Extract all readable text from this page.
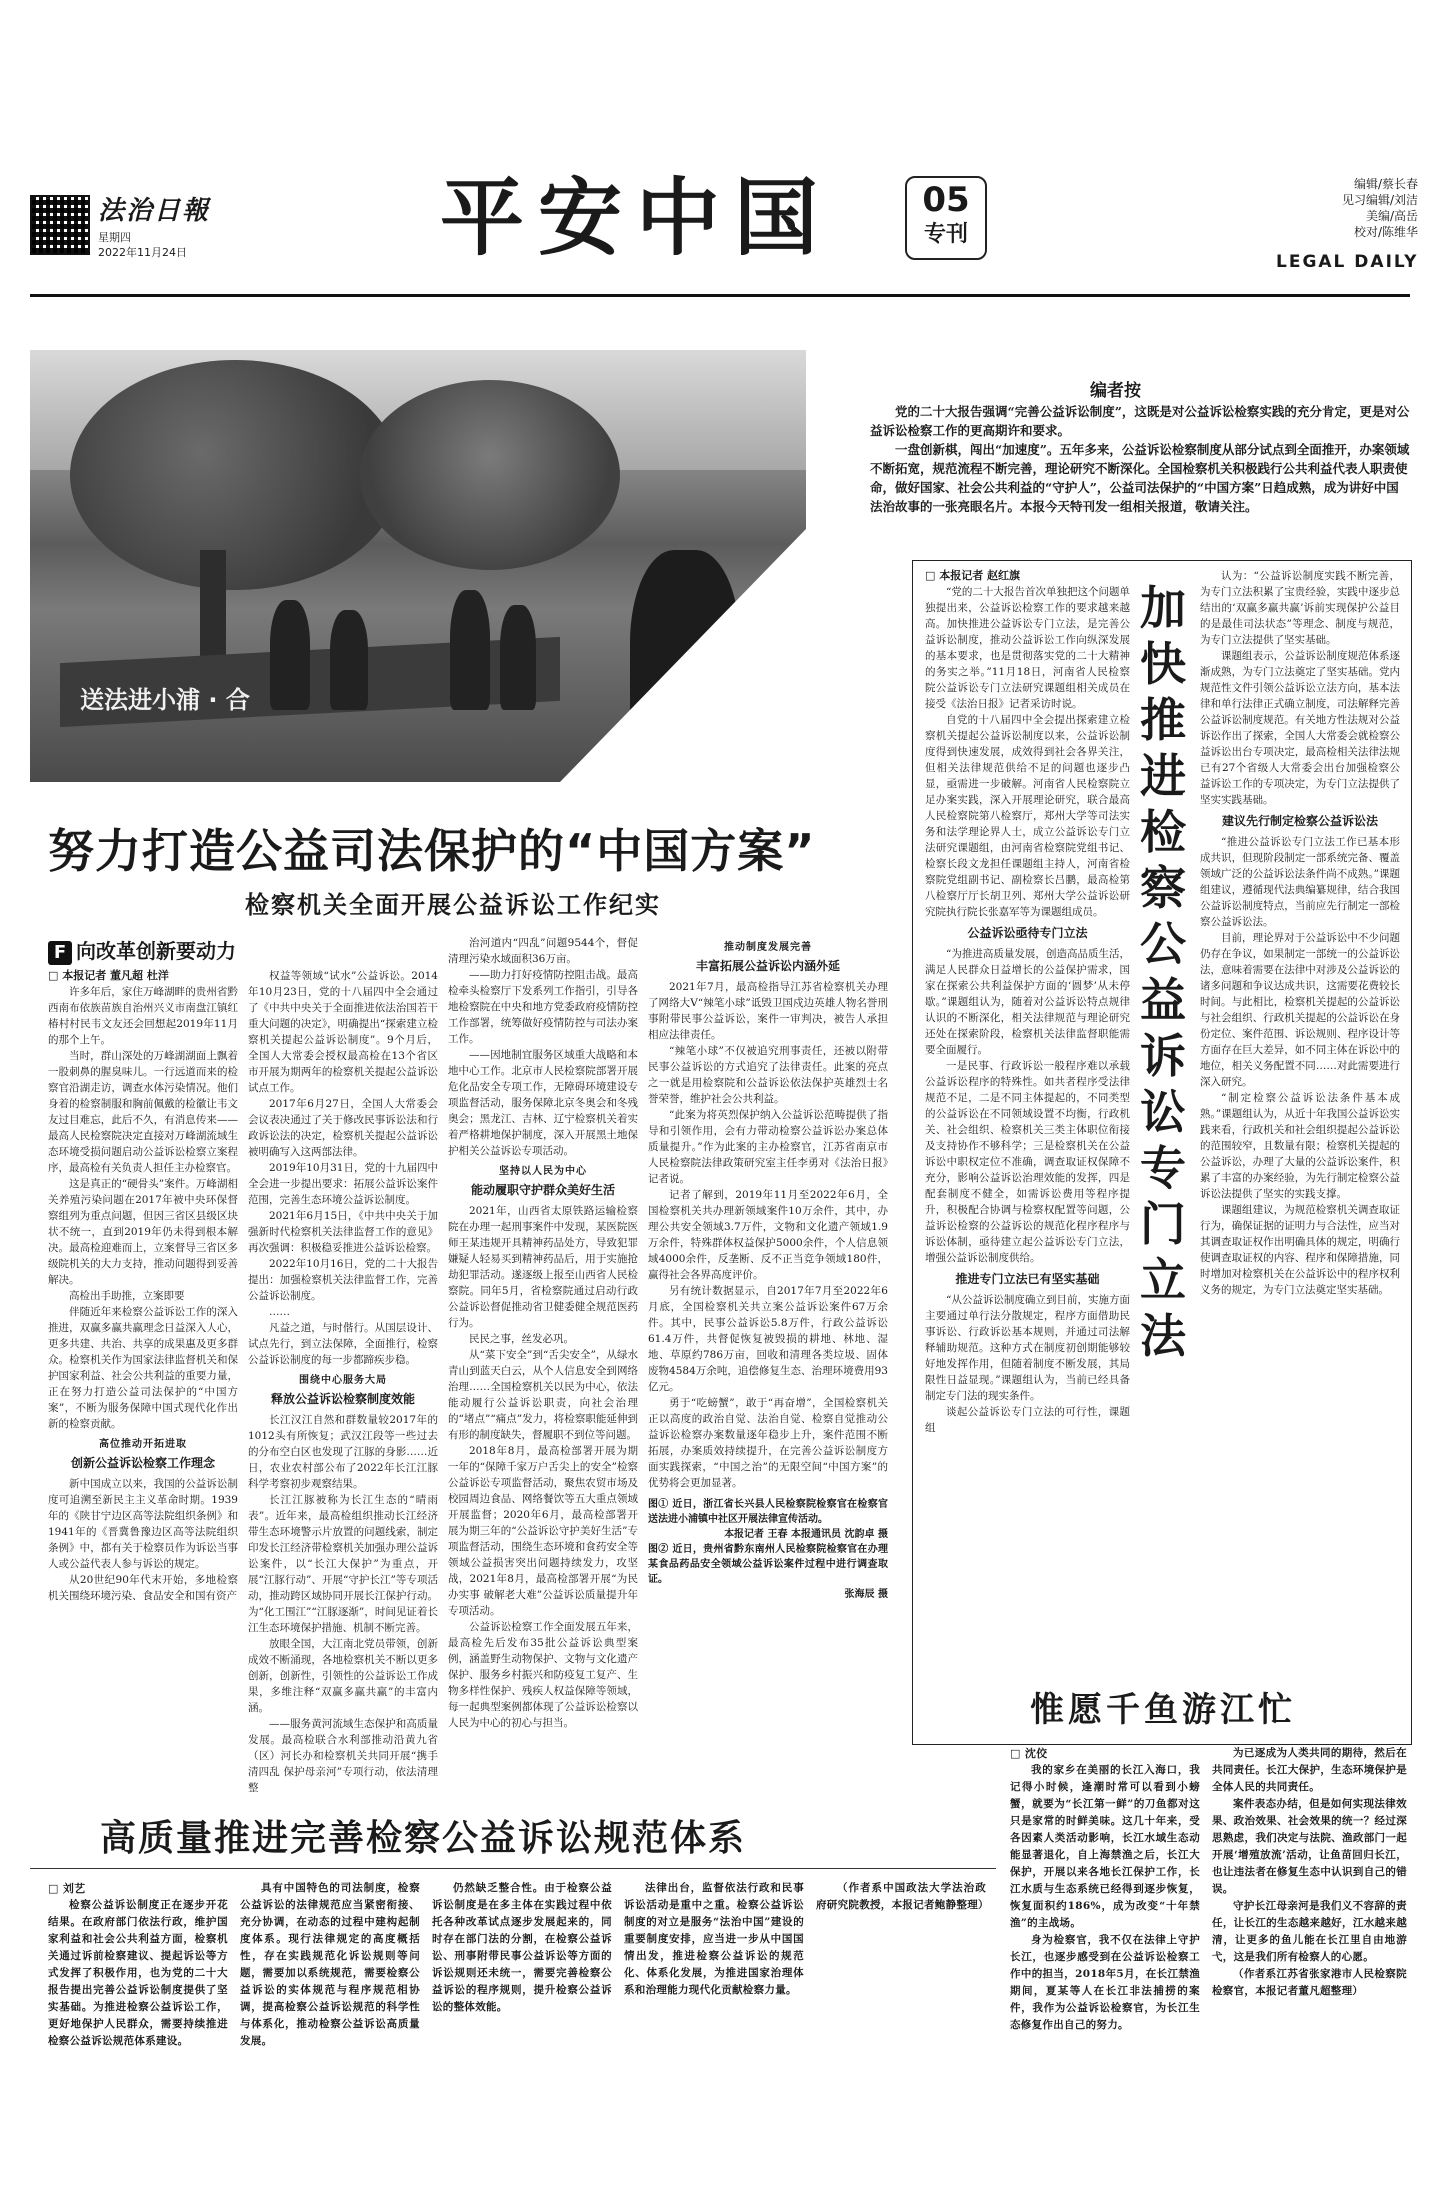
法治日報
星期四
2022年11月24日	平安中国	05
专刊
编辑/蔡长春
见习编辑/刘洁
美编/高岳
校对/陈维华
LEGAL DAILY
送法进小浦 · 合
编者按
党的二十大报告强调“完善公益诉讼制度”，这既是对公益诉讼检察实践的充分肯定，更是对公益诉讼检察工作的更高期许和要求。
一盘创新棋，闯出“加速度”。五年多来，公益诉讼检察制度从部分试点到全面推开，办案领域不断拓宽，规范流程不断完善，理论研究不断深化。全国检察机关积极践行公共利益代表人职责使命，做好国家、社会公共利益的“守护人”，公益司法保护的“中国方案”日趋成熟，成为讲好中国法治故事的一张亮眼名片。本报今天特刊发一组相关报道，敬请关注。
努力打造公益司法保护的“中国方案”
检察机关全面开展公益诉讼工作纪实
F 向改革创新要动力
□ 本报记者 董凡超 杜洋

许多年后，家住万峰湖畔的贵州省黔西南布依族苗族自治州兴义市南盘江镇红椿村村民韦文友还会回想起2019年11月的那个上午。

当时，群山深处的万峰湖湖面上飘着一股刺鼻的腥臭味儿。一行远道而来的检察官沿湖走访，调查水体污染情况。他们身着的检察制服和胸前佩戴的检徽让韦文友过目难忘，此后不久，有消息传来——最高人民检察院决定直接对万峰湖流域生态环境受损问题启动公益诉讼检察立案程序，最高检有关负责人担任主办检察官。

这是真正的“硬骨头”案件。万峰湖相关养殖污染问题在2017年被中央环保督察组列为重点问题，但因三省区县级区块状不统一，直到2019年仍未得到根本解决。最高检迎难而上，立案督导三省区多级院机关的大力支持，推动问题得到妥善解决。

高检出手助推，立案即要

伴随近年来检察公益诉讼工作的深入推进，双赢多赢共赢理念日益深入人心，更多共建、共治、共享的成果惠及更多群众。检察机关作为国家法律监督机关和保护国家利益、社会公共利益的重要力量，正在努力打造公益司法保护的“中国方案”，不断为服务保障中国式现代化作出新的检察贡献。

高位推动开拓进取
创新公益诉讼检察工作理念

新中国成立以来，我国的公益诉讼制度可追溯至新民主主义革命时期。1939年的《陕甘宁边区高等法院组织条例》和1941年的《晋冀鲁豫边区高等法院组织条例》中，都有关于检察员作为诉讼当事人或公益代表人参与诉讼的规定。

从20世纪90年代末开始，多地检察机关围绕环境污染、食品安全和国有资产

权益等领域“试水”公益诉讼。2014年10月23日，党的十八届四中全会通过了《中共中央关于全面推进依法治国若干重大问题的决定》，明确提出“探索建立检察机关提起公益诉讼制度”。9个月后，全国人大常委会授权最高检在13个省区市开展为期两年的检察机关提起公益诉讼试点工作。

2017年6月27日，全国人大常委会会议表决通过了关于修改民事诉讼法和行政诉讼法的决定，检察机关提起公益诉讼被明确写入这两部法律。

2019年10月31日，党的十九届四中全会进一步提出要求：拓展公益诉讼案件范围，完善生态环境公益诉讼制度。

2021年6月15日，《中共中央关于加强新时代检察机关法律监督工作的意见》再次强调：积极稳妥推进公益诉讼检察。

2022年10月16日，党的二十大报告提出：加强检察机关法律监督工作，完善公益诉讼制度。

……

凡益之道，与时偕行。从国层设计、试点先行，到立法保障，全面推行，检察公益诉讼制度的每一步都蹄疾步稳。

围绕中心服务大局
释放公益诉讼检察制度效能

长江汉江自然和群数量较2017年的1012头有所恢复；武汉江段等一些过去的分布空白区也发现了江豚的身影……近日，农业农村部公布了2022年长江江豚科学考察初步观察结果。

长江江豚被称为长江生态的“晴雨表”。近年来，最高检组织推动长江经济带生态环境警示片放置的问题线索，制定印发长江经济带检察机关加强办理公益诉讼案件，以“长江大保护”为重点，开展“江豚行动”、开展“守护长江”等专项活动，推动跨区域协同开展长江保护行动。为“化工围江”“江豚逐渐”，时间见证着长江生态环境保护措施、机制不断完善。

放眼全国，大江南北党员带领，创新成效不断涌现，各地检察机关不断以更多创新，创新性，引领性的公益诉讼工作成果，多维注释“双赢多赢共赢”的丰富内涵。

——服务黄河流域生态保护和高质量发展。最高检联合水利部推动沿黄九省（区）河长办和检察机关共同开展“携手清四乱 保护母亲河”专项行动，依法清理整

治河道内“四乱”问题9544个，督促清理污染水域面积36万亩。

——助力打好疫情防控阻击战。最高检牵头检察厅下发系列工作指引，引导各地检察院在中央和地方党委政府疫情防控工作部署，统筹做好疫情防控与司法办案工作。

——因地制宜服务区域重大战略和本地中心工作。北京市人民检察院部署开展危化品安全专项工作，无障碍环境建设专项监督活动，服务保障北京冬奥会和冬残奥会；黑龙江、吉林、辽宁检察机关着实着严格耕地保护制度，深入开展黑土地保护相关公益诉讼专项活动。

坚持以人民为中心
能动履职守护群众美好生活

2021年，山西省太原铁路运输检察院在办理一起刑事案件中发现，某医院医师王某违规开具精神药品处方，导致犯罪嫌疑人轻易买到精神药品后，用于实施抢劫犯罪活动。遂逐级上报至山西省人民检察院。同年5月，省检察院通过启动行政公益诉讼督促推动省卫健委健全规范医药行为。

民民之事，丝发必巩。

从“菜下安全”到“舌尖安全”，从绿水青山到蓝天白云，从个人信息安全到网络治理……全国检察机关以民为中心，依法能动履行公益诉讼职责，向社会治理的“堵点”“痛点”发力，将检察职能延伸到有形的制度缺失，督履职不到位等问题。

2018年8月，最高检部署开展为期一年的“保障千家万户舌尖上的安全”检察公益诉讼专项监督活动，聚焦农贸市场及校园周边食品、网络餐饮等五大重点领域开展监督；2020年6月，最高检部署开展为期三年的“公益诉讼守护美好生活”专项监督活动，围绕生态环境和食药安全等领域公益损害突出问题持续发力，攻坚战，2021年8月，最高检部署开展“为民办实事 破解老大难”公益诉讼质量提升年专项活动。

公益诉讼检察工作全面发展五年来，最高检先后发布35批公益诉讼典型案例，涵盖野生动物保护、文物与文化遗产保护、服务乡村振兴和防疫复工复产、生物多样性保护、残疾人权益保障等领域，每一起典型案例都体现了公益诉讼检察以人民为中心的初心与担当。

推动制度发展完善
丰富拓展公益诉讼内涵外延

2021年7月，最高检指导江苏省检察机关办理了网络大V“辣笔小球”诋毁卫国戍边英雄人物名誉刑事附带民事公益诉讼，案件一审判决，被告人承担相应法律责任。

“辣笔小球”不仅被追究刑事责任，还被以附带民事公益诉讼的方式追究了法律责任。此案的亮点之一就是用检察院和公益诉讼依法保护英雄烈士名誉荣誉，维护社会公共利益。

“此案为将英烈保护纳入公益诉讼范畴提供了指导和引领作用，会有力带动检察公益诉讼办案总体质量提升。”作为此案的主办检察官，江苏省南京市人民检察院法律政策研究室主任李勇对《法治日报》记者说。

记者了解到，2019年11月至2022年6月，全国检察机关共办理新领域案件10万余件，其中，办理公共安全领域3.7万件，文物和文化遗产领域1.9万余件，特殊群体权益保护5000余件，个人信息领域4000余件，反垄断、反不正当竞争领域180件，赢得社会各界高度评价。

另有统计数据显示，自2017年7月至2022年6月底，全国检察机关共立案公益诉讼案件67万余件。其中，民事公益诉讼5.8万件，行政公益诉讼61.4万件，共督促恢复被毁损的耕地、林地、湿地、草原约786万亩，回收和清理各类垃圾、固体废物4584万余吨，追偿修复生态、治理环境费用93亿元。

勇于“吃螃蟹”，敢于“再奋增”，全国检察机关正以高度的政治自觉、法治自觉、检察自觉推动公益诉讼检察办案数量逐年稳步上升，案件范围不断拓展，办案质效持续提升，在完善公益诉讼制度方面实践探索，“中国之治”的无限空间“中国方案”的优势将会更加显著。

图① 近日，浙江省长兴县人民检察院检察官在检察官送法进小浦镇中社区开展法律宣传活动。
本报记者 王春 本报通讯员 沈韵卓 摄
图② 近日，贵州省黔东南州人民检察院检察官在办理某食品药品安全领域公益诉讼案件过程中进行调查取证。
张海辰 摄
加快推进检察公益诉讼专门立法
□ 本报记者 赵红旗

“党的二十大报告首次单独把这个问题单独提出来，公益诉讼检察工作的要求越来越高。加快推进公益诉讼专门立法，是完善公益诉讼制度，推动公益诉讼工作向纵深发展的基本要求，也是贯彻落实党的二十大精神的务实之举。”11月18日，河南省人民检察院公益诉讼专门立法研究课题组相关成员在接受《法治日报》记者采访时说。

自党的十八届四中全会提出探索建立检察机关提起公益诉讼制度以来，公益诉讼制度得到快速发展，成效得到社会各界关注，但相关法律规范供给不足的问题也逐步凸显，亟需进一步破解。河南省人民检察院立足办案实践，深入开展理论研究，联合最高人民检察院第八检察厅，郑州大学等司法实务和法学理论界人士，成立公益诉讼专门立法研究课题组，由河南省检察院党组书记、检察长段文龙担任课题组主持人，河南省检察院党组副书记、副检察长吕鹏，最高检第八检察厅厅长胡卫列、郑州大学公益诉讼研究院执行院长张嘉军等为课题组成员。

公益诉讼亟待专门立法

“为推进高质量发展，创造高品质生活，满足人民群众日益增长的公益保护需求，国家在探索公共利益保护方面的‘圆梦’从未停歇。”课题组认为，随着对公益诉讼特点规律认识的不断深化，相关法律规范与理论研究还处在探索阶段，检察机关法律监督职能需要全面履行。

一是民事、行政诉讼一般程序难以承载公益诉讼程序的特殊性。如共者程序受法律规范不足，二是不同主体提起的，不同类型的公益诉讼在不同领域设置不均衡，行政机关、社会组织、检察机关三类主体职位衔接及支持协作不够科学；三是检察机关在公益诉讼中职权定位不准确，调查取证权保障不充分，影响公益诉讼治理效能的发挥，四是配套制度不健全，如需诉讼费用等程序提升，积极配合协调与检察权配置等问题，公益诉讼检察的公益诉讼的规范化程序程序与诉讼体制，亟待建立起公益诉讼专门立法，增强公益诉讼制度供给。

推进专门立法已有坚实基础

“从公益诉讼制度确立到目前，实施方面主要通过单行法分散规定，程序方面借助民事诉讼、行政诉讼基本规则，并通过司法解释辅助规范。这种方式在制度初创期能够较好地发挥作用，但随着制度不断发展，其局限性日益显现。”课题组认为，当前已经具备制定专门法的现实条件。

谈起公益诉讼专门立法的可行性，课题组

认为：“公益诉讼制度实践不断完善，为专门立法积累了宝贵经验，实践中逐步总结出的‘双赢多赢共赢’诉前实现保护公益目的是最佳司法状态”等理念、制度与规范，为专门立法提供了坚实基础。

课题组表示，公益诉讼制度规范体系逐渐成熟，为专门立法奠定了坚实基础。党内规范性文件引领公益诉讼立法方向，基本法律和单行法律正式确立制度，司法解释完善公益诉讼制度规范。有关地方性法规对公益诉讼作出了探索，全国人大常委会就检察公益诉讼出台专项决定，最高检相关法律法规已有27个省级人大常委会出台加强检察公益诉讼工作的专项决定，为专门立法提供了坚实实践基础。

建议先行制定检察公益诉讼法

“推进公益诉讼专门立法工作已基本形成共识，但现阶段制定一部系统完备、覆盖领域广泛的公益诉讼法条件尚不成熟。”课题组建议，遵循现代法典编纂规律，结合我国公益诉讼制度特点，当前应先行制定一部检察公益诉讼法。

目前，理论界对于公益诉讼中不少问题仍存在争议，如果制定一部统一的公益诉讼法，意味着需要在法律中对涉及公益诉讼的诸多问题和争议达成共识，这需要花费较长时间。与此相比，检察机关提起的公益诉讼与社会组织、行政机关提起的公益诉讼在身份定位、案件范围、诉讼规则、程序设计等方面存在巨大差异，如不同主体在诉讼中的地位，相关义务配置不同……对此需要进行深入研究。

“制定检察公益诉讼法条件基本成熟。”课题组认为，从近十年我国公益诉讼实践来看，行政机关和社会组织提起公益诉讼的范围较窄，且数量有限；检察机关提起的公益诉讼，办理了大量的公益诉讼案件，积累了丰富的办案经验，为先行制定检察公益诉讼法提供了坚实的实践支撑。

课题组建议，为规范检察机关调查取证行为，确保证据的证明力与合法性，应当对其调查取证权作出明确具体的规定，明确行使调查取证权的内容、程序和保障措施，同时增加对检察机关在公益诉讼中的程序权利义务的规定，为专门立法奠定坚实基础。

高质量推进完善检察公益诉讼规范体系
□ 刘艺

检察公益诉讼制度正在逐步开花结果。在政府部门依法行政，维护国家利益和社会公共利益方面，检察机关通过诉前检察建议、提起诉讼等方式发挥了积极作用，也为党的二十大报告提出完善公益诉讼制度提供了坚实基础。为推进检察公益诉讼工作，更好地保护人民群众，需要持续推进检察公益诉讼规范体系建设。

具有中国特色的司法制度，检察公益诉讼的法律规范应当紧密衔接、充分协调，在动态的过程中建构起制度体系。现行法律规定的高度概括性，存在实践规范化诉讼规则等问题，需要加以系统规范，需要检察公益诉讼的实体规范与程序规范相协调，提高检察公益诉讼规范的科学性与体系化，推动检察公益诉讼高质量发展。

仍然缺乏整合性。由于检察公益诉讼制度是在多主体在实践过程中依托各种改革试点逐步发展起来的，同时存在部门法的分割，在检察公益诉讼、刑事附带民事公益诉讼等方面的诉讼规则还未统一，需要完善检察公益诉讼的程序规则，提升检察公益诉讼的整体效能。

法律出台，监督依法行政和民事诉讼活动是重中之重。检察公益诉讼制度的对立是服务“法治中国”建设的重要制度安排，应当进一步从中国国情出发，推进检察公益诉讼的规范化、体系化发展，为推进国家治理体系和治理能力现代化贡献检察力量。

（作者系中国政法大学法治政府研究院教授，本报记者鲍静整理）

惟愿千鱼游江忙
□ 沈佼

我的家乡在美丽的长江入海口，我记得小时候，逢潮时常可以看到小螃蟹，就要为“长江第一鲜”的刀鱼都对这只是家常的时鲜美味。这几十年来，受各因素人类活动影响，长江水域生态动能显著退化，自上海禁渔之后，长江大保护，开展以来各地长江保护工作，长江水质与生态系统已经得到逐步恢复，恢复面积约186%，成为改变“十年禁渔”的主战场。

身为检察官，我不仅在法律上守护长江，也逐步感受到在公益诉讼检察工作中的担当，2018年5月，在长江禁渔期间，夏某等人在长江非法捕捞的案件，我作为公益诉讼检察官，为长江生态修复作出自己的努力。

为已逐成为人类共同的期待，然后在共同责任。长江大保护，生态环境保护是全体人民的共同责任。

案件表态办结，但是如何实现法律效果、政治效果、社会效果的统一？经过深思熟虑，我们决定与法院、渔政部门一起开展‘增殖放流’活动，让鱼苗回归长江，也让违法者在修复生态中认识到自己的错误。

守护长江母亲河是我们义不容辞的责任，让长江的生态越来越好，江水越来越清，让更多的鱼儿能在长江里自由地游弋，这是我们所有检察人的心愿。

（作者系江苏省张家港市人民检察院检察官，本报记者董凡超整理）
